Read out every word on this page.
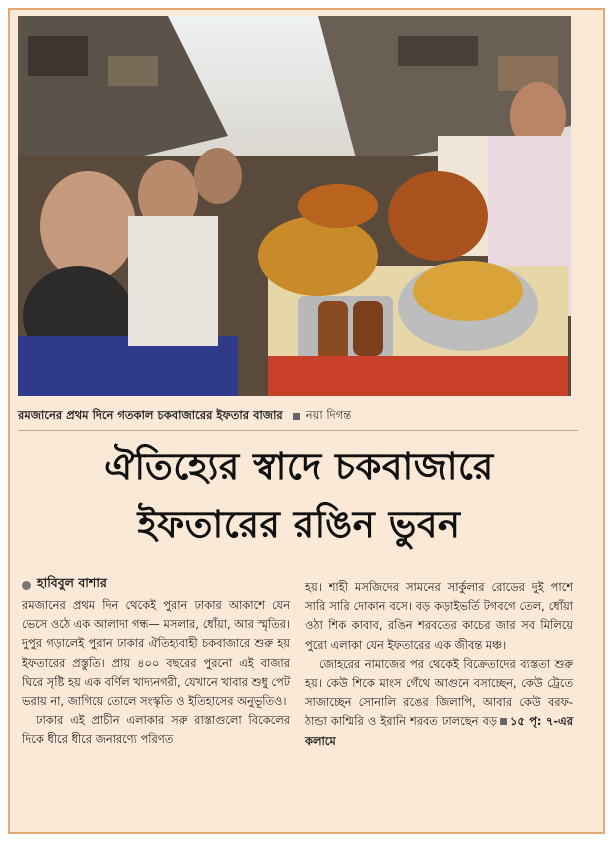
রমজানের প্রথম দিনে গতকাল চকবাজারের ইফতার বাজার নয়া দিগন্ত
ঐতিহ্যের স্বাদে চকবাজারে
ইফতারের রঙিন ভুবন
হাবিবুল বাশার

রমজানের প্রথম দিন থেকেই পুরান ঢাকার আকাশে যেন ভেসে ওঠে এক আলাদা গন্ধ— মসলার, ধোঁয়া, আর স্মৃতির। দুপুর গড়ালেই পুরান ঢাকার ঐতিহ্যবাহী চকবাজারে শুরু হয় ইফতারের প্রস্তুতি। প্রায় ৪০০ বছরের পুরনো এই বাজার ঘিরে সৃষ্টি হয় এক বর্ণিল খাদ্যনগরী, যেখানে খাবার শুধু পেট ভরায় না, জাগিয়ে তোলে সংস্কৃতি ও ইতিহাসের অনুভূতিও।

ঢাকার এই প্রাচীন এলাকার সরু রাস্তাগুলো বিকেলের দিকে ধীরে ধীরে জনারণ্যে পরিণত

হয়। শাহী মসজিদের সামনের সার্কুলার রোডের দুই পাশে সারি সারি দোকান বসে। বড় কড়াইভর্তি টগবগে তেল, ধোঁয়া ওঠা শিক কাবাব, রঙিন শরবতের কাচের জার সব মিলিয়ে পুরো এলাকা যেন ইফতারের এক জীবন্ত মঞ্চ।

জোহরের নামাজের পর থেকেই বিক্রেতাদের ব্যস্ততা শুরু হয়। কেউ শিকে মাংস গেঁথে আগুনে বসাচ্ছেন, কেউ ট্রেতে সাজাচ্ছেন সোনালি রঙের জিলাপি, আবার কেউ বরফ-ঠান্ডা কাশ্মিরি ও ইরানি শরবত ঢালছেন বড় ১৫ পৃ: ৭-এর কলামে
